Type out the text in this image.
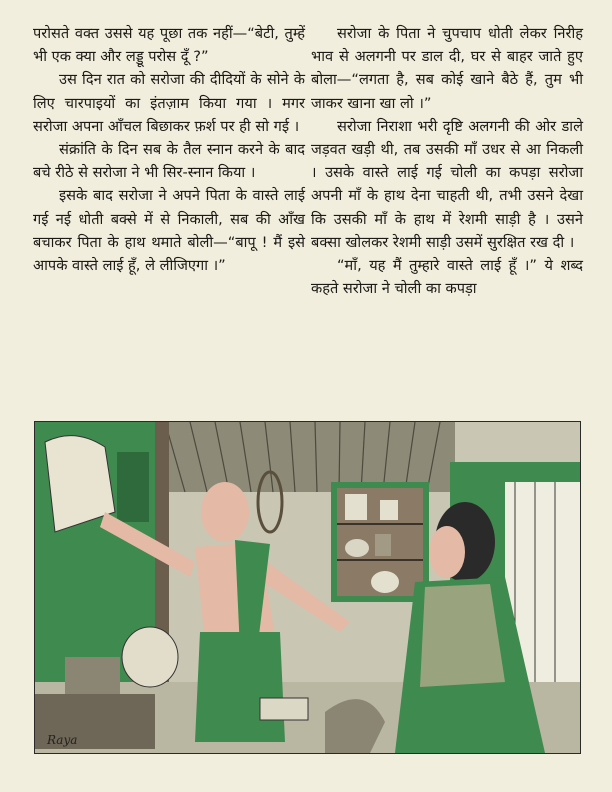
परोसते वक्त उससे यह पूछा तक नहीं—“बेटी, तुम्हें भी एक क्या और लड्डू परोस दूँ ?”

उस दिन रात को सरोजा की दीदियों के सोने के लिए चारपाइयों का इंतज़ाम किया गया । मगर सरोजा अपना आँचल बिछाकर फ़र्श पर ही सो गई ।

संक्रांति के दिन सब के तैल स्नान करने के बाद बचे रीठे से सरोजा ने भी सिर-स्नान किया ।

इसके बाद सरोजा ने अपने पिता के वास्ते लाई गई नई धोती बक्से में से निकाली, सब की आँख बचाकर पिता के हाथ थमाते बोली—“बापू ! मैं इसे आपके वास्ते लाई हूँ, ले लीजिएगा ।”

सरोजा के पिता ने चुपचाप धोती लेकर निरीह भाव से अलगनी पर डाल दी, घर से बाहर जाते हुए बोला—“लगता है, सब कोई खाने बैठे हैं, तुम भी जाकर खाना खा लो ।”

सरोजा निराशा भरी दृष्टि अलगनी की ओर डाले जड़वत खड़ी थी, तब उसकी माँ उधर से आ निकली । उसके वास्ते लाई गई चोली का कपड़ा सरोजा अपनी माँ के हाथ देना चाहती थी, तभी उसने देखा कि उसकी माँ के हाथ में रेशमी साड़ी है । उसने बक्सा खोलकर रेशमी साड़ी उसमें सुरक्षित रख दी ।

“माँ, यह मैं तुम्हारे वास्ते लाई हूँ ।” ये शब्द कहते सरोजा ने चोली का कपड़ा

Raya
